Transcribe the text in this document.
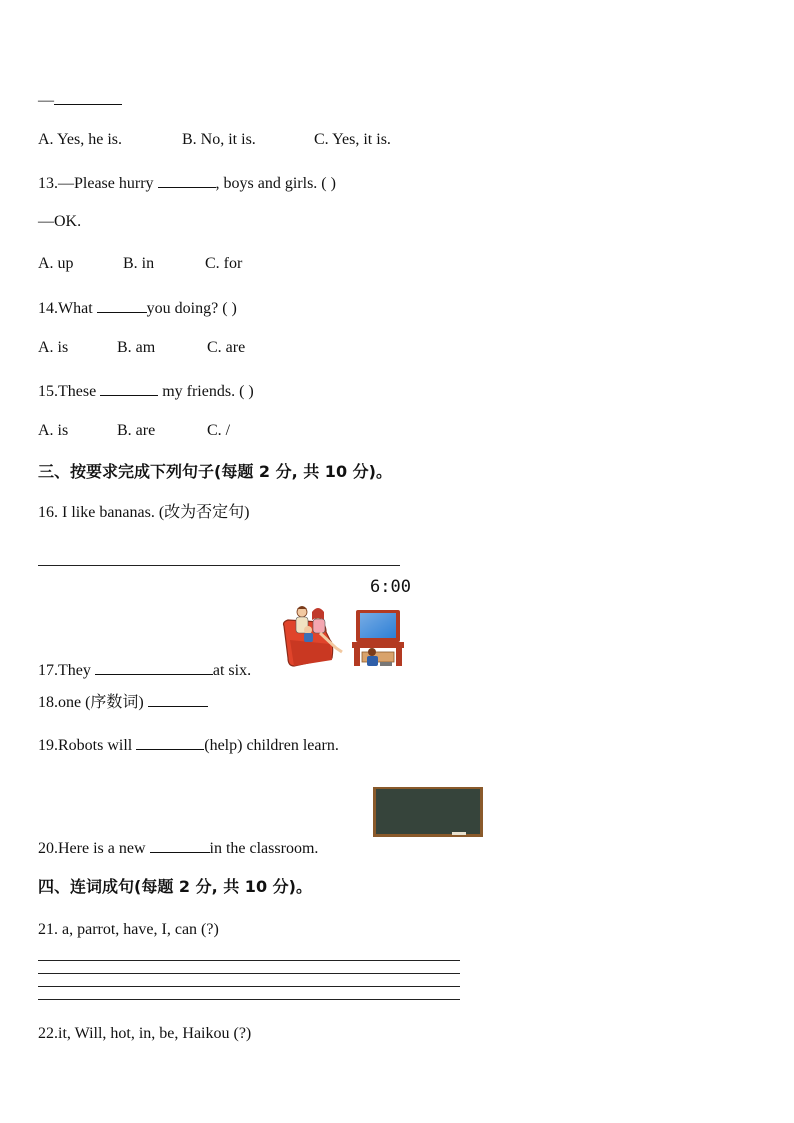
—
A. Yes, he is.	B. No, it is.	C. Yes, it is.
13.—Please hurry	, boys and girls. ( )
—OK.
A. up	B. in	C. for
14.What	you doing? ( )
A. is	B. am	C. are
15.These	my friends. ( )
A. is	B. are	C. /
三、按要求完成下列句子(每题 2 分, 共 10 分)。
16. I like bananas. (改为否定句)
6:00
17.They	at six.
18.one (序数词)
19.Robots will	(help) children learn.
20.Here is a new	in the classroom.
四、连词成句(每题 2 分, 共 10 分)。
21. a, parrot, have, I, can (?)
22.it, Will, hot, in, be, Haikou (?)
